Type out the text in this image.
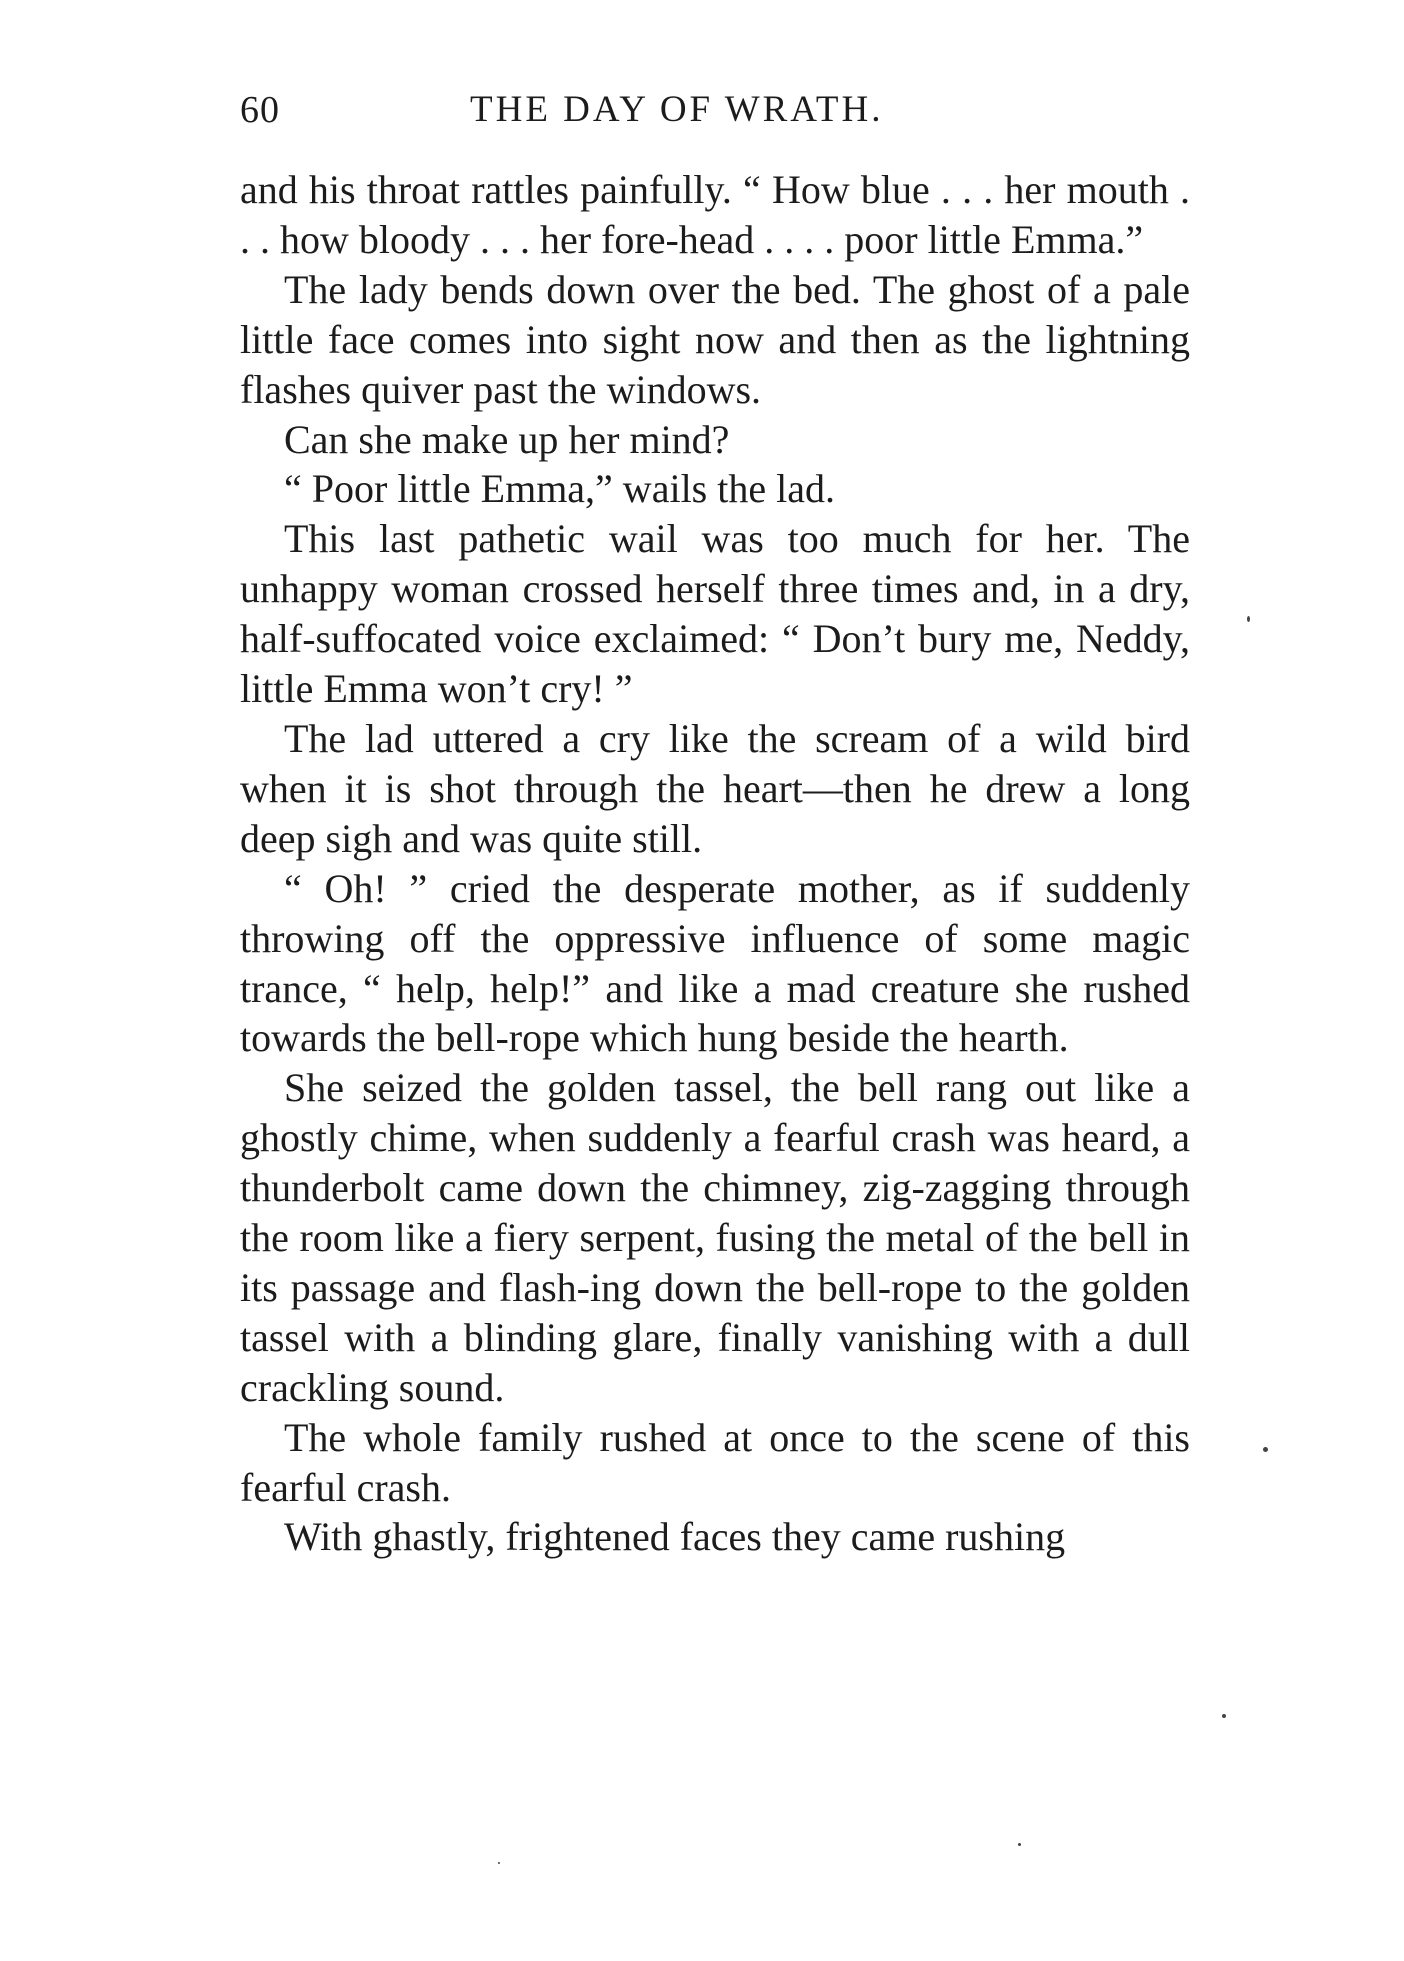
60	THE DAY OF WRATH.

and his throat rattles painfully. “ How blue . . . her mouth . . . how bloody . . . her fore-head . . . . poor little Emma.”

The lady bends down over the bed. The ghost of a pale little face comes into sight now and then as the lightning flashes quiver past the windows.

Can she make up her mind?

“ Poor little Emma,” wails the lad.

This last pathetic wail was too much for her. The unhappy woman crossed herself three times and, in a dry, half-suffocated voice exclaimed: “ Don’t bury me, Neddy, little Emma won’t cry! ”

The lad uttered a cry like the scream of a wild bird when it is shot through the heart—then he drew a long deep sigh and was quite still.

“ Oh! ” cried the desperate mother, as if suddenly throwing off the oppressive influence of some magic trance, “ help, help!” and like a mad creature she rushed towards the bell-rope which hung beside the hearth.

She seized the golden tassel, the bell rang out like a ghostly chime, when suddenly a fearful crash was heard, a thunderbolt came down the chimney, zig-zagging through the room like a fiery serpent, fusing the metal of the bell in its passage and flash-ing down the bell-rope to the golden tassel with a blinding glare, finally vanishing with a dull crackling sound.

The whole family rushed at once to the scene of this fearful crash.

With ghastly, frightened faces they came rushing
